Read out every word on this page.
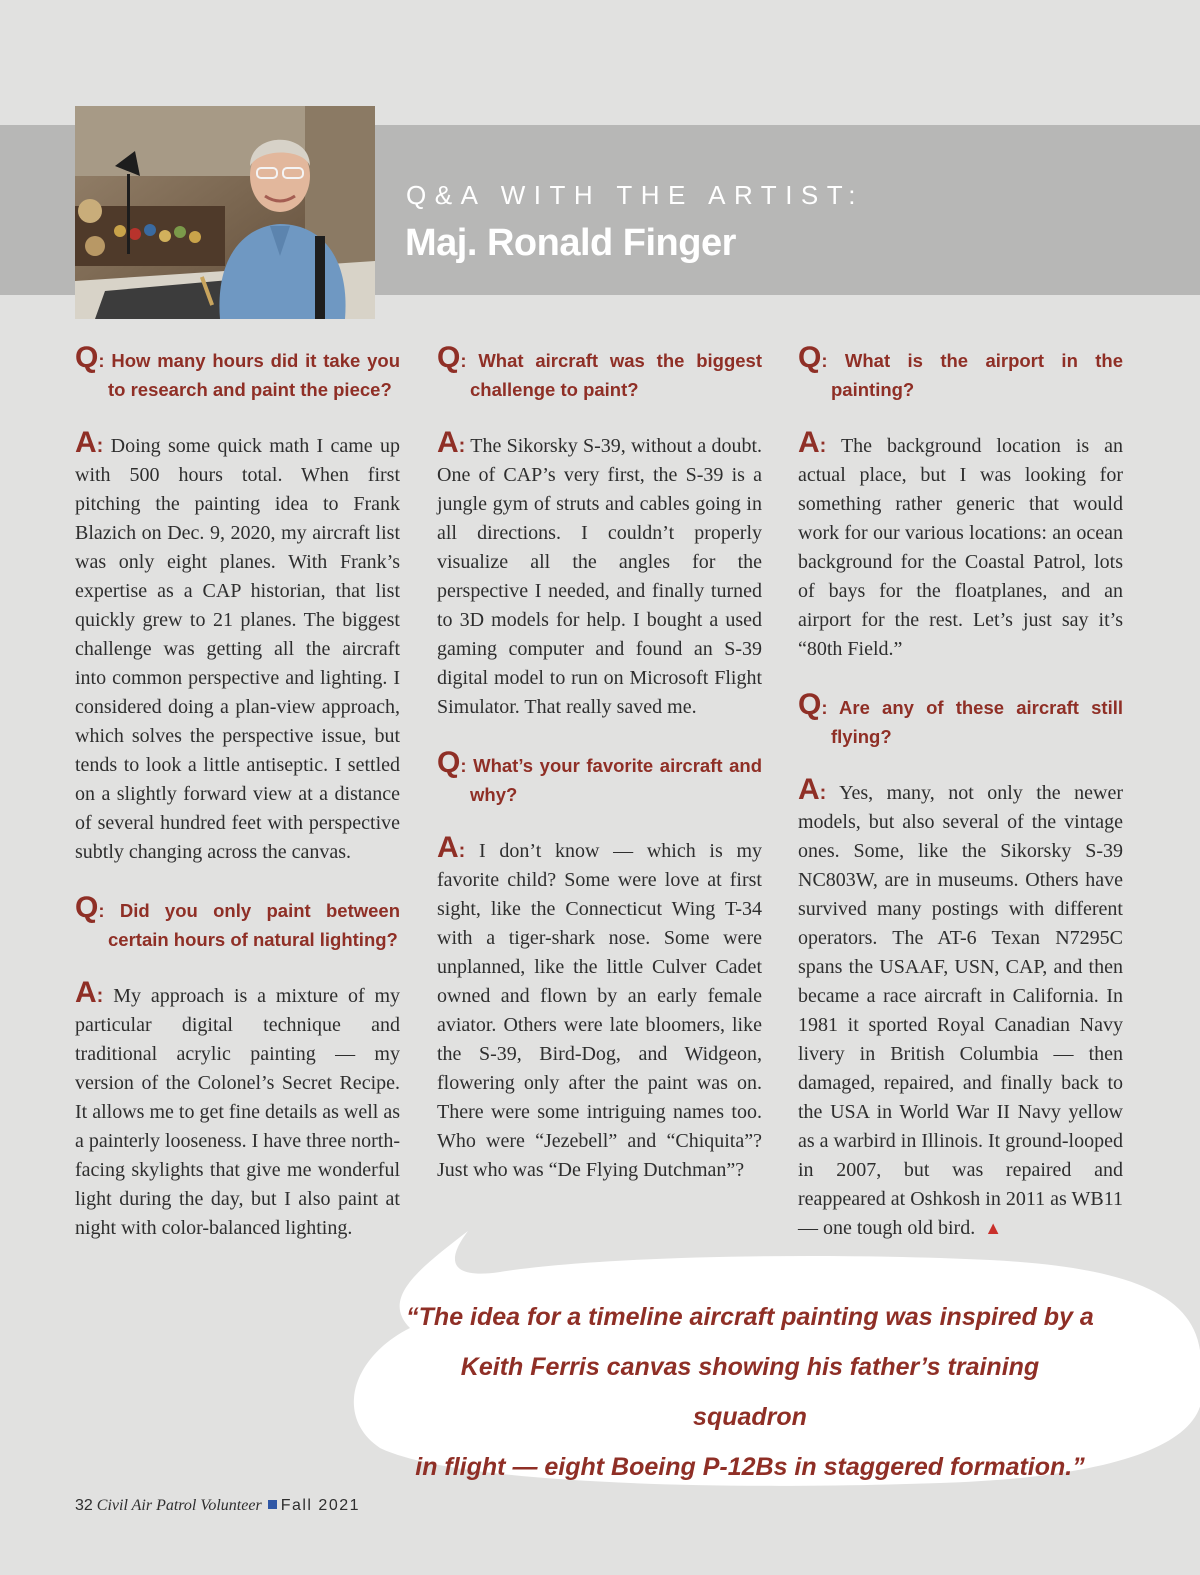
Q&A WITH THE ARTIST:

Maj. Ronald Finger

Q: How many hours did it take you to research and paint the piece?

A: Doing some quick math I came up with 500 hours total. When first pitching the painting idea to Frank Blazich on Dec. 9, 2020, my aircraft list was only eight planes. With Frank’s expertise as a CAP historian, that list quickly grew to 21 planes. The biggest challenge was getting all the aircraft into common perspective and lighting. I considered doing a plan-view approach, which solves the perspective issue, but tends to look a little antiseptic. I settled on a slightly forward view at a distance of several hundred feet with perspective subtly changing across the canvas.

Q: Did you only paint between certain hours of natural lighting?

A: My approach is a mixture of my particular digital technique and traditional acrylic painting — my version of the Colonel’s Secret Recipe. It allows me to get fine details as well as a painterly looseness. I have three north-facing skylights that give me wonderful light during the day, but I also paint at night with color-balanced lighting.

Q: What aircraft was the biggest challenge to paint?

A: The Sikorsky S-39, without a doubt. One of CAP’s very first, the S-39 is a jungle gym of struts and cables going in all directions. I couldn’t properly visualize all the angles for the perspective I needed, and finally turned to 3D models for help. I bought a used gaming computer and found an S-39 digital model to run on Microsoft Flight Simulator. That really saved me.

Q: What’s your favorite aircraft and why?

A: I don’t know — which is my favorite child? Some were love at first sight, like the Connecticut Wing T-34 with a tiger-shark nose. Some were unplanned, like the little Culver Cadet owned and flown by an early female aviator. Others were late bloomers, like the S-39, Bird-Dog, and Widgeon, flowering only after the paint was on. There were some intriguing names too. Who were “Jezebell” and “Chiquita”? Just who was “De Flying Dutchman”?

Q: What is the airport in the painting?

A: The background location is an actual place, but I was looking for something rather generic that would work for our various locations: an ocean background for the Coastal Patrol, lots of bays for the floatplanes, and an airport for the rest. Let’s just say it’s “80th Field.”

Q: Are any of these aircraft still flying?

A: Yes, many, not only the newer models, but also several of the vintage ones. Some, like the Sikorsky S-39 NC803W, are in museums. Others have survived many postings with different operators. The AT-6 Texan N7295C spans the USAAF, USN, CAP, and then became a race aircraft in California. In 1981 it sported Royal Canadian Navy livery in British Columbia — then damaged, repaired, and finally back to the USA in World War II Navy yellow as a warbird in Illinois. It ground-looped in 2007, but was repaired and reappeared at Oshkosh in 2011 as WB11 — one tough old bird. ▲

“The idea for a timeline aircraft painting was inspired by a
Keith Ferris canvas showing his father’s training squadron
in flight — eight Boeing P-12Bs in staggered formation.”

32 Civil Air Patrol Volunteer Fall 2021
